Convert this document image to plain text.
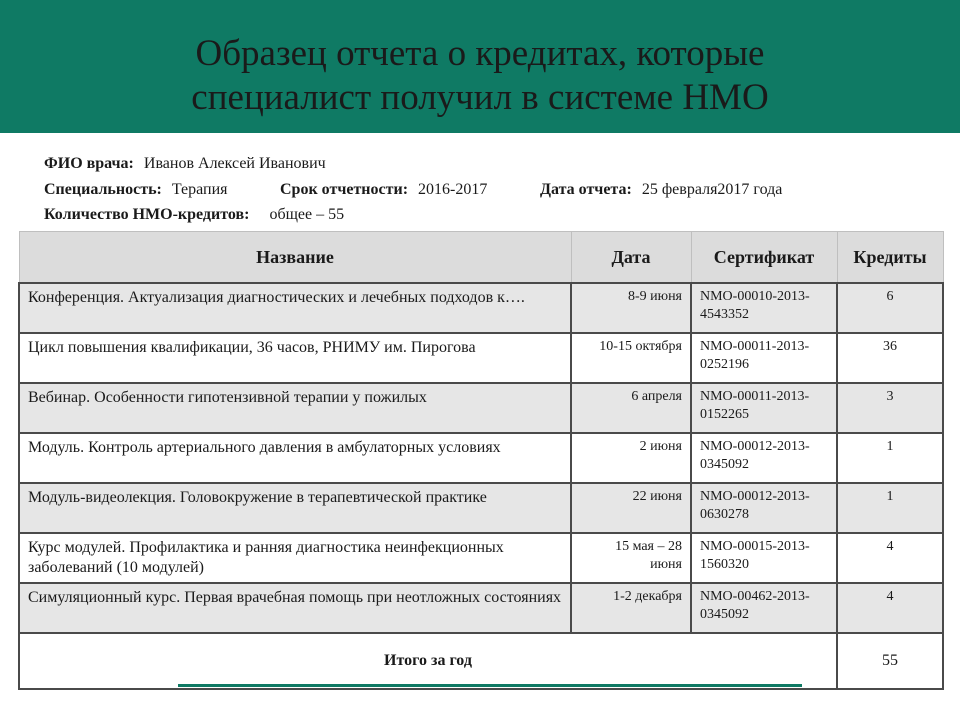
Образец отчета о кредитах, которые
специалист получил в системе НМО
ФИО врача: Иванов Алексей Иванович
Специальность: Терапия	Срок отчетности: 2016-2017	Дата отчета: 25 февраля2017 года
Количество НМО-кредитов: общее – 55
Название	Дата	Сертификат	Кредиты
Конференция. Актуализация диагностических и лечебных подходов к….	8-9 июня	NMO-00010-2013-4543352	6
Цикл повышения квалификации, 36 часов, РНИМУ им. Пирогова	10-15 октября	NMO-00011-2013-0252196	36
Вебинар. Особенности гипотензивной терапии у пожилых	6 апреля	NMO-00011-2013-0152265	3
Модуль. Контроль артериального давления в амбулаторных условиях	2 июня	NMO-00012-2013-0345092	1
Модуль-видеолекция. Головокружение в терапевтической практике	22 июня	NMO-00012-2013-0630278	1
Курс модулей. Профилактика и ранняя диагностика неинфекционных заболеваний (10 модулей)	15 мая – 28 июня	NMO-00015-2013-1560320	4
Симуляционный курс. Первая врачебная помощь при неотложных состояниях	1-2 декабря	NMO-00462-2013-0345092	4
Итого за год			55
